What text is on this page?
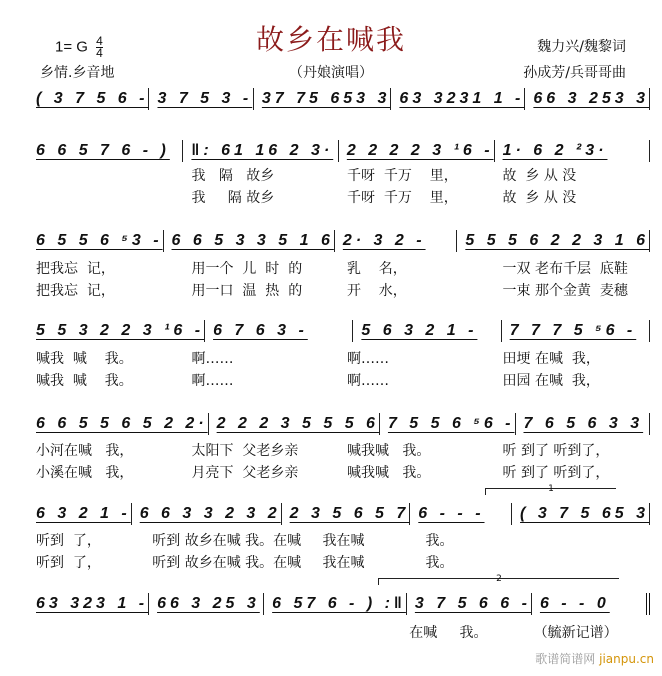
故乡在喊我
1= G $\frac{4}{4}$
乡情.乡音地	（丹娘演唱）
魏力兴/魏黎词
孙成芳/兵哥哥曲
( 3 7 5 6 - 3 7 5 3 - 37 75 653 3 63 3231 1 - 66 3 253 3
6 6 5 7 6 - )	‖: 61 16 2 3· 2 2 2 2 3 ¹6 - 1· 6 2 ²3·
我   隔   故乡	千呀  千万    里，	故  乡 从 没
我     隔 故乡	千呀  千万    里，	故  乡 从 没
6 5 5 6 ⁵3 - 6 6 5 3 3 5 1 6 2· 3 2 -	5 5 5 6 2 2 3 1 6
把我忘  记，	用一个  儿  时  的	乳    名，	一双 老布千层  底鞋
把我忘  记，	用一口  温  热  的	开    水，	一束 那个金黄  麦穗
5 5 3 2 2 3 ¹6 - 6 7 6 3 -	5 6 3 2 1 -	7 7 7 5 ⁵6 -
喊我  喊    我。	啊……	啊……	田埂 在喊  我，
喊我  喊    我。	啊……	啊……	田园 在喊  我，
6 6 5 5 6 5 2 2· 2 2 2 3 5 5 5 6 7 5 5 6 ⁵6 - 7 6 5 6 3 3
小河在喊   我，	太阳下  父老乡亲	喊我喊   我。	听 到了 听到了，
小溪在喊   我，	月亮下  父老乡亲	喊我喊   我。	听 到了 听到了，
6 3 2 1 - 6 6 3 3 2 3 2 2 3 5 6 5 7 6 - - -	( 3 7 5 65 3
1
听到  了，	听到 故乡在喊 我。在喊 我在喊	我。
听到  了，	听到 故乡在喊 我。在喊 我在喊	我。
63 323 1 - 66 3 25 3 6 57 6 - ) :‖ 3 7 5 6 6 - 6 - - 0
2
在喊     我。	（毓新记谱）
歌谱简谱网 jianpu.cn
